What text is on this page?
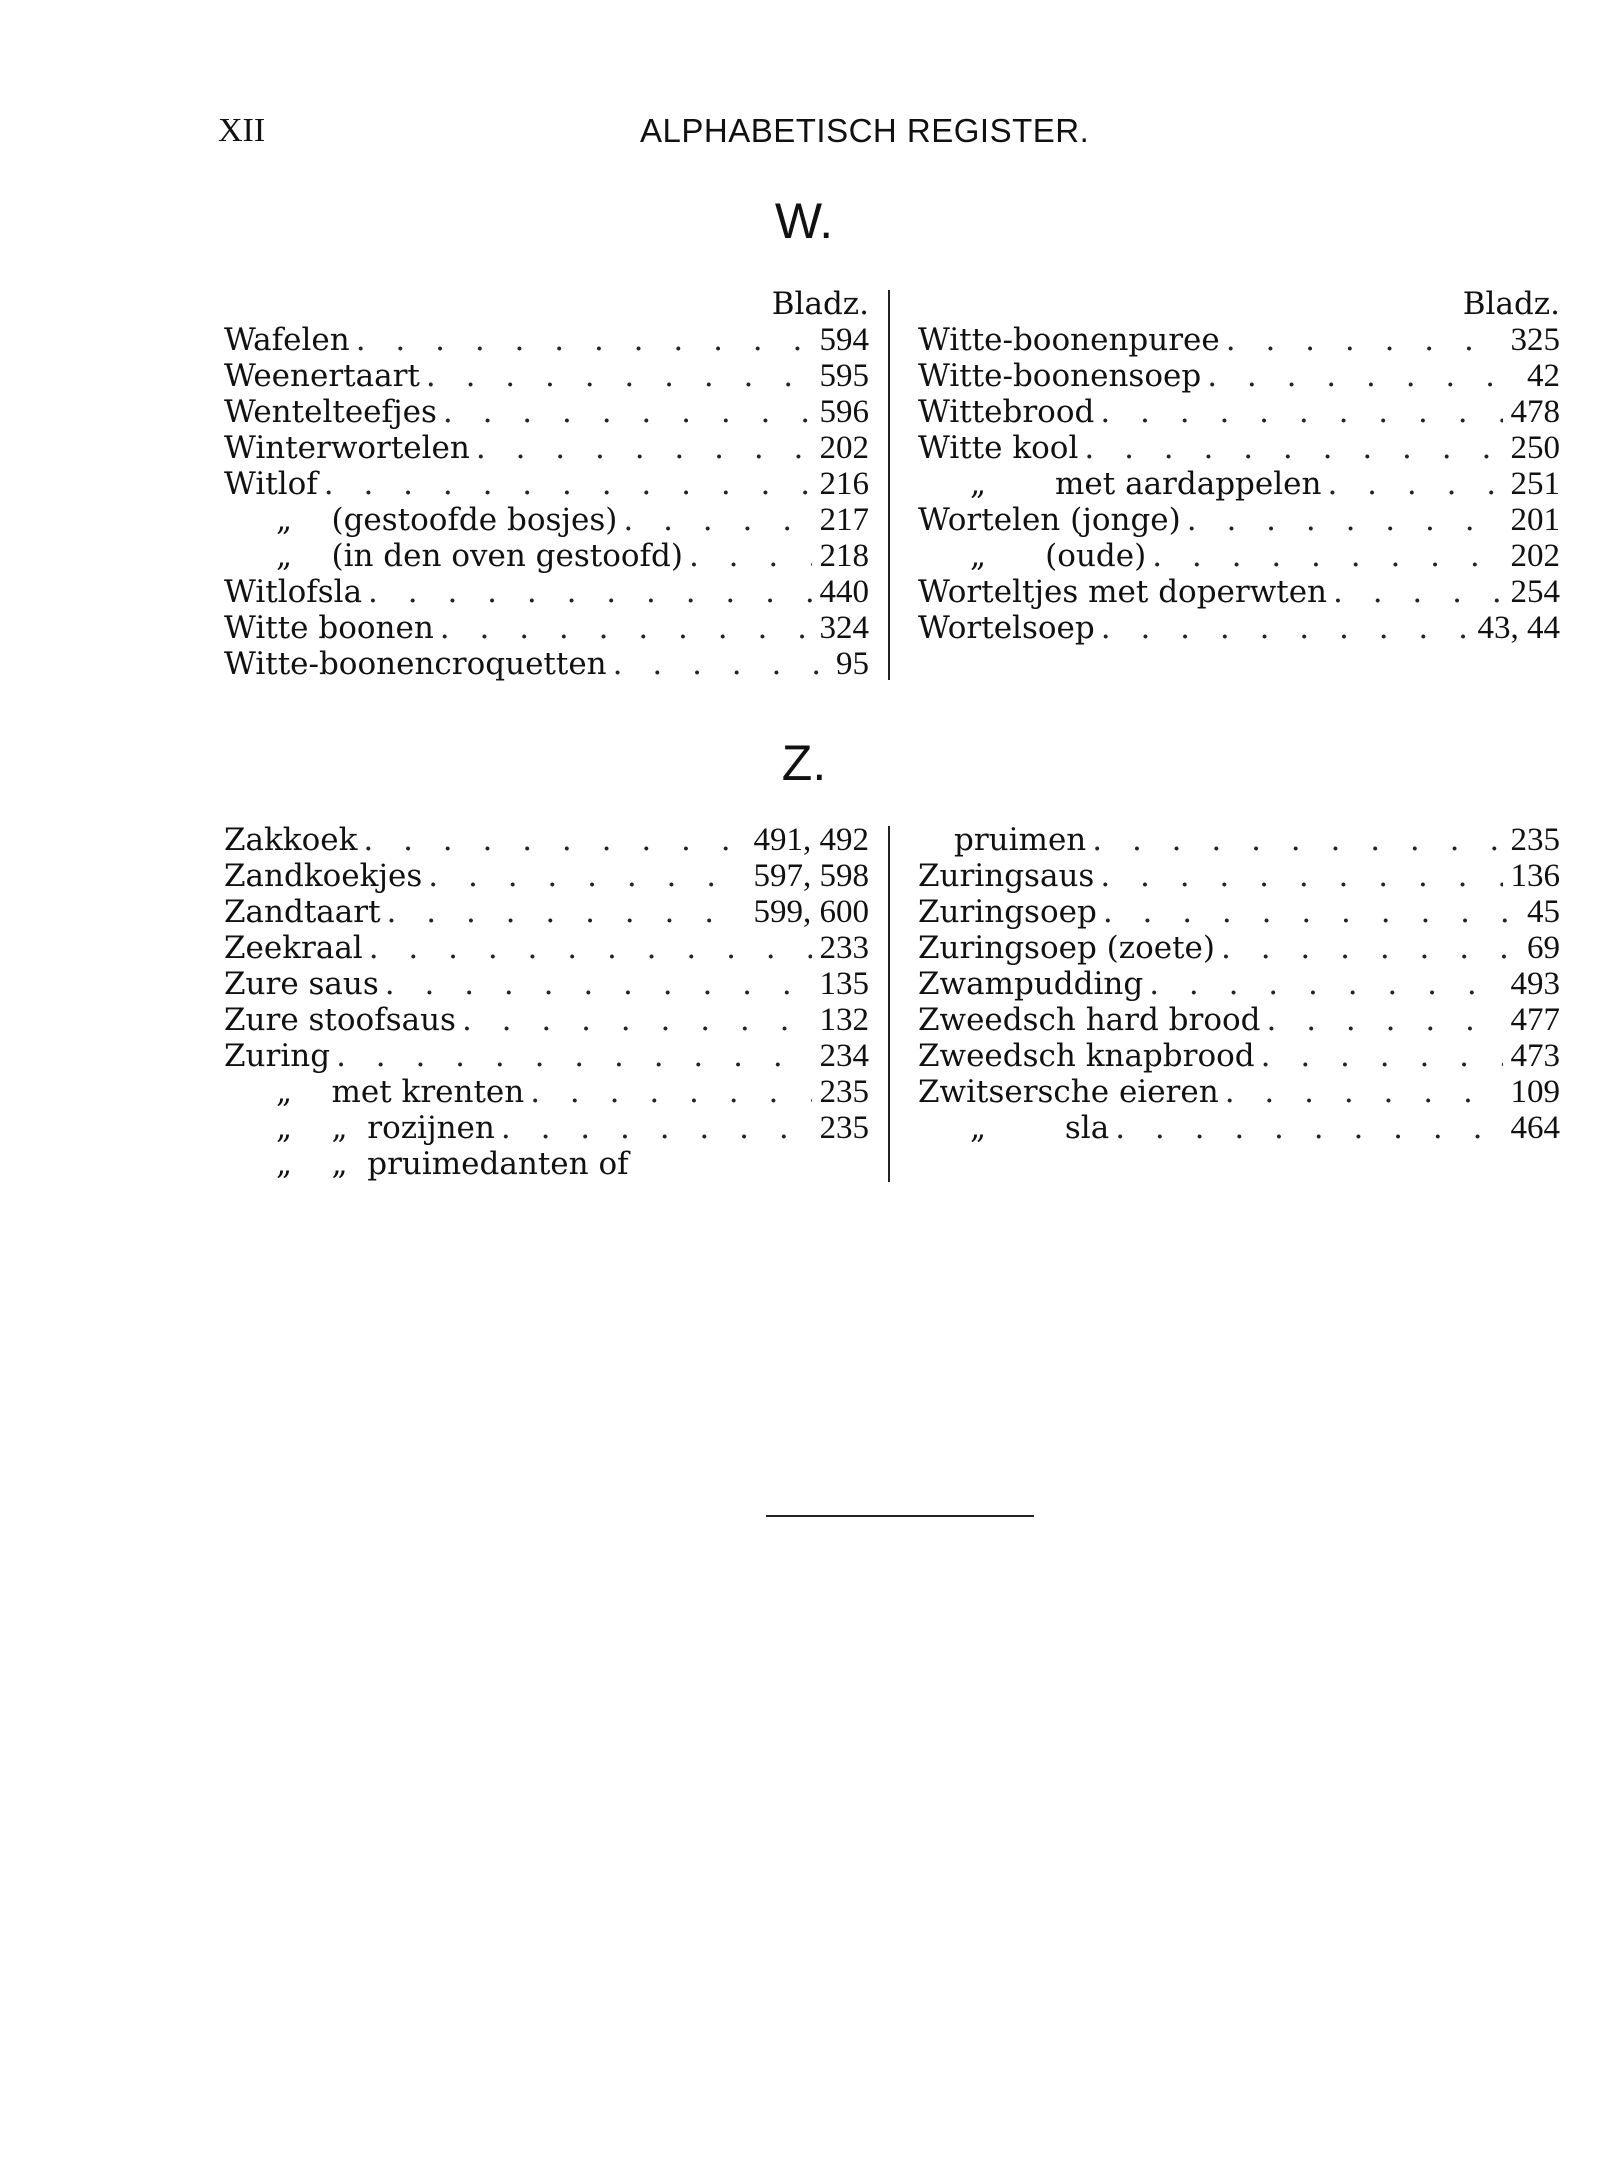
XII	ALPHABETISCH REGISTER.
W.
Bladz.
Wafelen . . .	594
Weenertaart . . .	595
Wentelteefjes . . .	596
Winterwortelen . . .	202
Witlof . . .	216
„    (gestoofde bosjes) . . .	217
„    (in den oven gestoofd) . . .	218
Witlofsla . . .	440
Witte boonen . . .	324
Witte-boonencroquetten . . .	95
Bladz.
Witte-boonenpuree . . .	325
Witte-boonensoep . . .	42
Wittebrood . . .	478
Witte kool . . .	250
„       met aardappelen . . .	251
Wortelen (jonge) . . .	201
„      (oude) . . .	202
Worteltjes met doperwten . . .	254
Wortelsoep . . .	43, 44
Z.
Zakkoek . . .	491, 492
Zandkoekjes . . .	597, 598
Zandtaart . . .	599, 600
Zeekraal . . .	233
Zure saus . . .	135
Zure stoofsaus . . .	132
Zuring . . .	234
„    met krenten . . .	235
„    „  rozijnen . . .	235
„    „  pruimedanten of
pruimen . . .	235
Zuringsaus . . .	136
Zuringsoep . . .	45
Zuringsoep (zoete) . . .	69
Zwampudding . . .	493
Zweedsch hard brood . . .	477
Zweedsch knapbrood . . .	473
Zwitsersche eieren . . .	109
„        sla . . .	464
